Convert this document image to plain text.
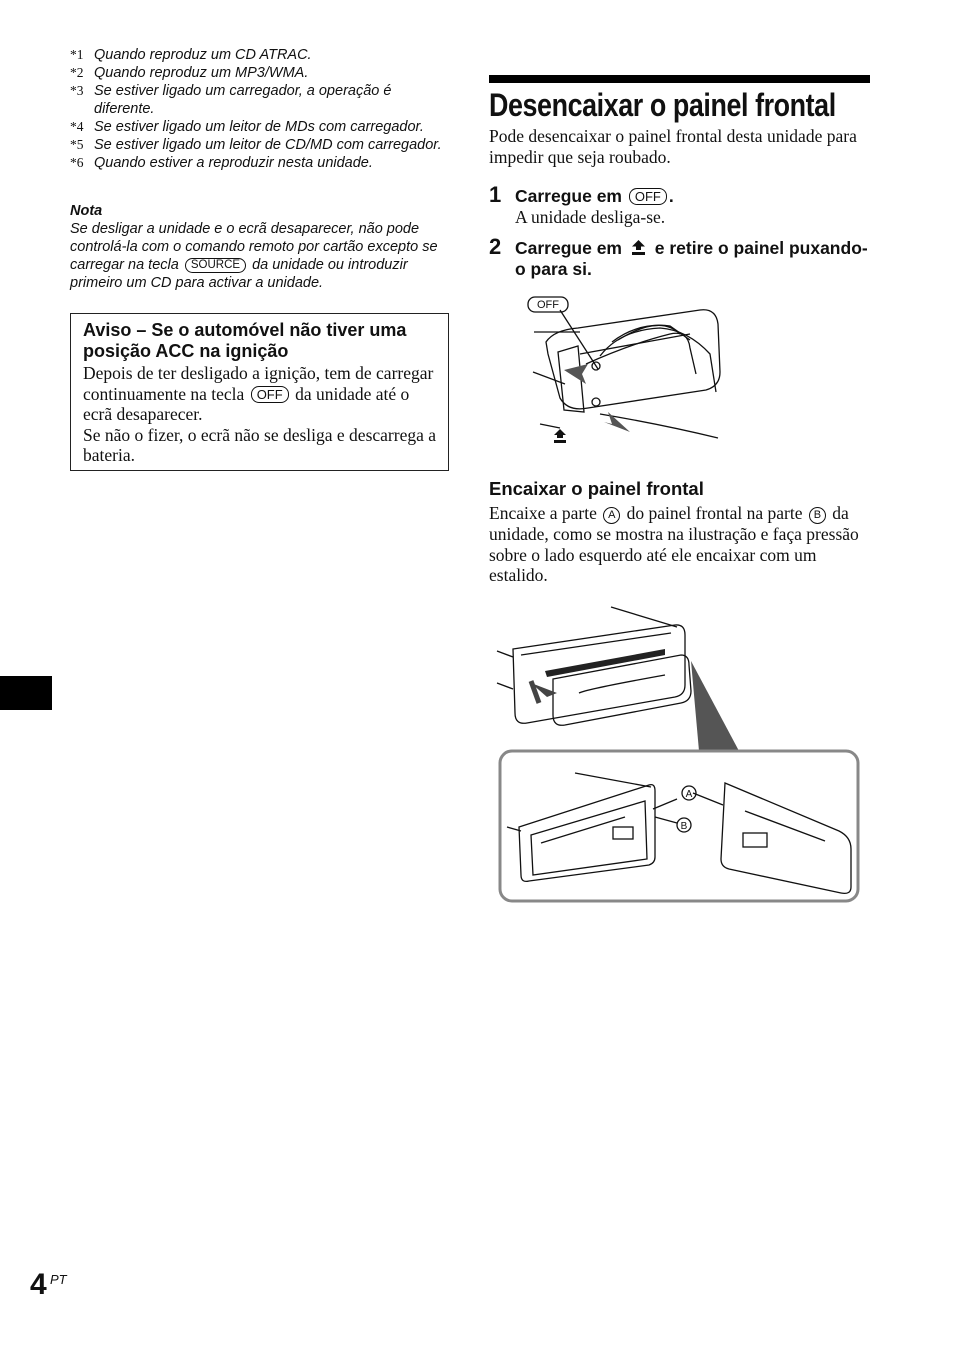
*1 Quando reproduz um CD ATRAC.
*2 Quando reproduz um MP3/WMA.
*3 Se estiver ligado um carregador, a operação é diferente.
*4 Se estiver ligado um leitor de MDs com carregador.
*5 Se estiver ligado um leitor de CD/MD com carregador.
*6 Quando estiver a reproduzir nesta unidade.
Nota
Se desligar a unidade e o ecrã desaparecer, não pode controlá-la com o comando remoto por cartão excepto se carregar na tecla SOURCE da unidade ou introduzir primeiro um CD para activar a unidade.
Aviso – Se o automóvel não tiver uma posição ACC na ignição
Depois de ter desligado a ignição, tem de carregar continuamente na tecla OFF da unidade até o ecrã desaparecer.
Se não o fizer, o ecrã não se desliga e descarrega a bateria.
Desencaixar o painel frontal
Pode desencaixar o painel frontal desta unidade para impedir que seja roubado.
1 Carregue em OFF .
A unidade desliga-se.
2 Carregue em e retire o painel puxando-o para si.
OFF
Encaixar o painel frontal
Encaixe a parte A do painel frontal na parte B da unidade, como se mostra na ilustração e faça pressão sobre o lado esquerdo até ele encaixar com um estalido.
A
B
4 PT
